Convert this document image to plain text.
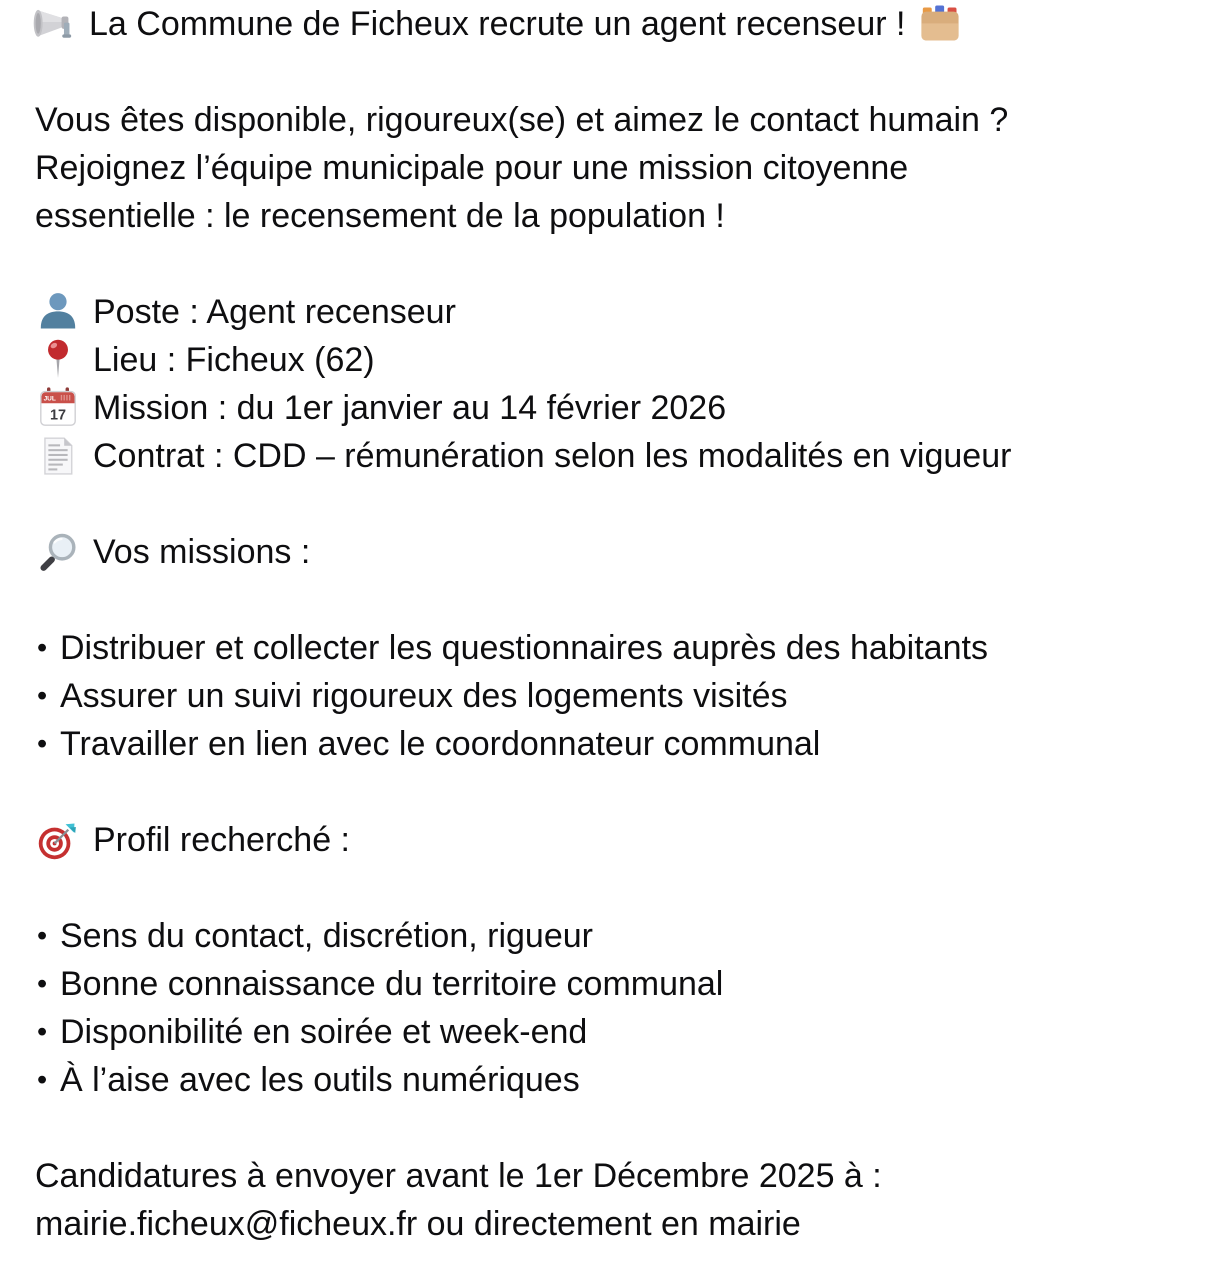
La Commune de Ficheux recrute un agent recenseur !
Vous êtes disponible, rigoureux(se) et aimez le contact humain ?
Rejoignez l’équipe municipale pour une mission citoyenne
essentielle : le recensement de la population !
Poste : Agent recenseur
Lieu : Ficheux (62)
JUL
17 Mission : du 1er janvier au 14 février 2026
Contrat : CDD – rémunération selon les modalités en vigueur
Vos missions :
• Distribuer et collecter les questionnaires auprès des habitants
• Assurer un suivi rigoureux des logements visités
• Travailler en lien avec le coordonnateur communal
Profil recherché :
• Sens du contact, discrétion, rigueur
• Bonne connaissance du territoire communal
• Disponibilité en soirée et week-end
• À l’aise avec les outils numériques
Candidatures à envoyer avant le 1er Décembre 2025 à :
mairie.ficheux@ficheux.fr ou directement en mairie
